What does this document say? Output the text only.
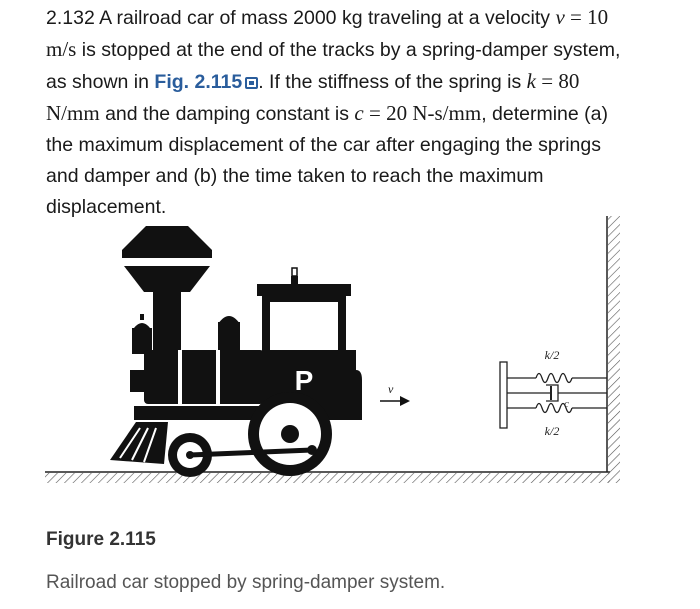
2.132 A railroad car of mass 2000 kg traveling at a velocity v = 10 m/s is stopped at the end of the tracks by a spring-damper system, as shown in Fig. 2.115 . If the stiffness of the spring is k = 80 N/mm and the damping constant is c = 20 N-s/mm, determine (a) the maximum displacement of the car after engaging the springs and damper and (b) the time taken to reach the maximum displacement.

P	v
k/2
c
k/2
Figure 2.115
Railroad car stopped by spring-damper system.
